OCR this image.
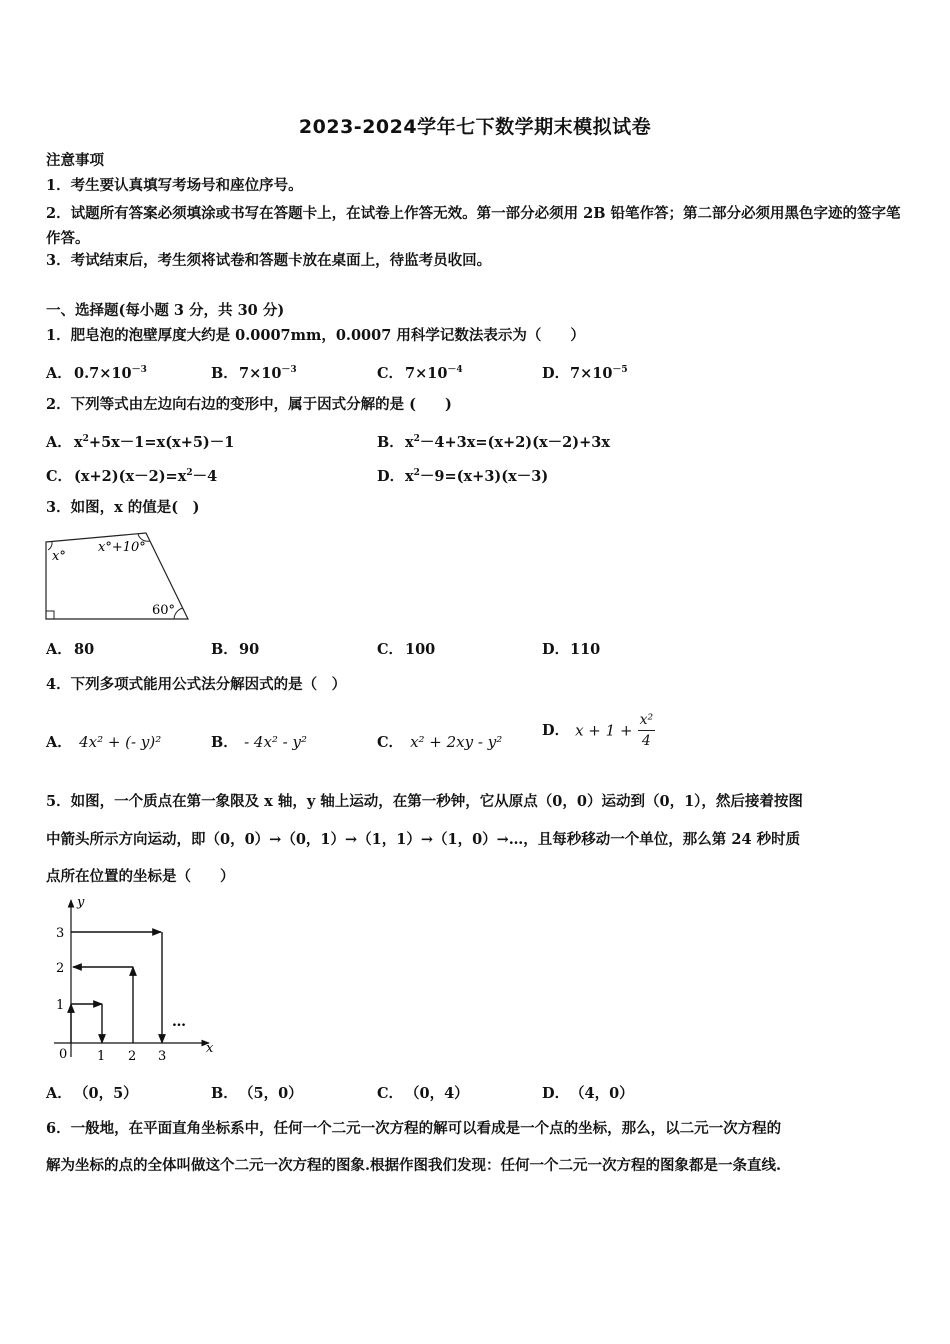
2023-2024学年七下数学期末模拟试卷
注意事项
1．考生要认真填写考场号和座位序号。
2．试题所有答案必须填涂或书写在答题卡上，在试卷上作答无效。第一部分必须用 2B 铅笔作答；第二部分必须用黑色字迹的签字笔作答。
3．考试结束后，考生须将试卷和答题卡放在桌面上，待监考员收回。
一、选择题(每小题 3 分，共 30 分)
1．肥皂泡的泡壁厚度大约是 0.0007mm，0.0007 用科学记数法表示为（　　）
A． $0.7\times 10^{-3}$	B．$7\times 10^{-3}$	C． $7\times 10^{-4}$	D．$7\times 10^{-5}$
2．下列等式由左边向右边的变形中，属于因式分解的是 (　　)
A． $x^2+5x-1=x(x+5)-1$	B．$x^2-4+3x=(x+2)(x-2)+3x$
C． $(x+2)(x-2)=x^2-4$	D．$x^2-9=(x+3)(x-3)$
3．如图，x 的值是(　)
x°
x°+10°
60°
A． 80	B．90	C． 100	D．110
4．下列多项式能用公式法分解因式的是（　）
A． 4x² + (- y)²	B． - 4x² - y²	C． x² + 2xy - y²
D． $x + 1 + \frac{\text{x²}}{4}$
5．如图，一个质点在第一象限及 x 轴，y 轴上运动，在第一秒钟，它从原点（0，0）运动到（0，1），然后接着按图
中箭头所示方向运动，即（0，0）→（0，1）→（1，1）→（1，0）→…，且每秒移动一个单位，那么第 24 秒时质
点所在位置的坐标是（　　）
y
x
0 1 2 3
1
2
3
…
A． （0，5）	B．（5，0）	C． （0，4）	D．（4，0）
6．一般地，在平面直角坐标系中，任何一个二元一次方程的解可以看成是一个点的坐标，那么，以二元一次方程的
解为坐标的点的全体叫做这个二元一次方程的图象.根据作图我们发现：任何一个二元一次方程的图象都是一条直线.
